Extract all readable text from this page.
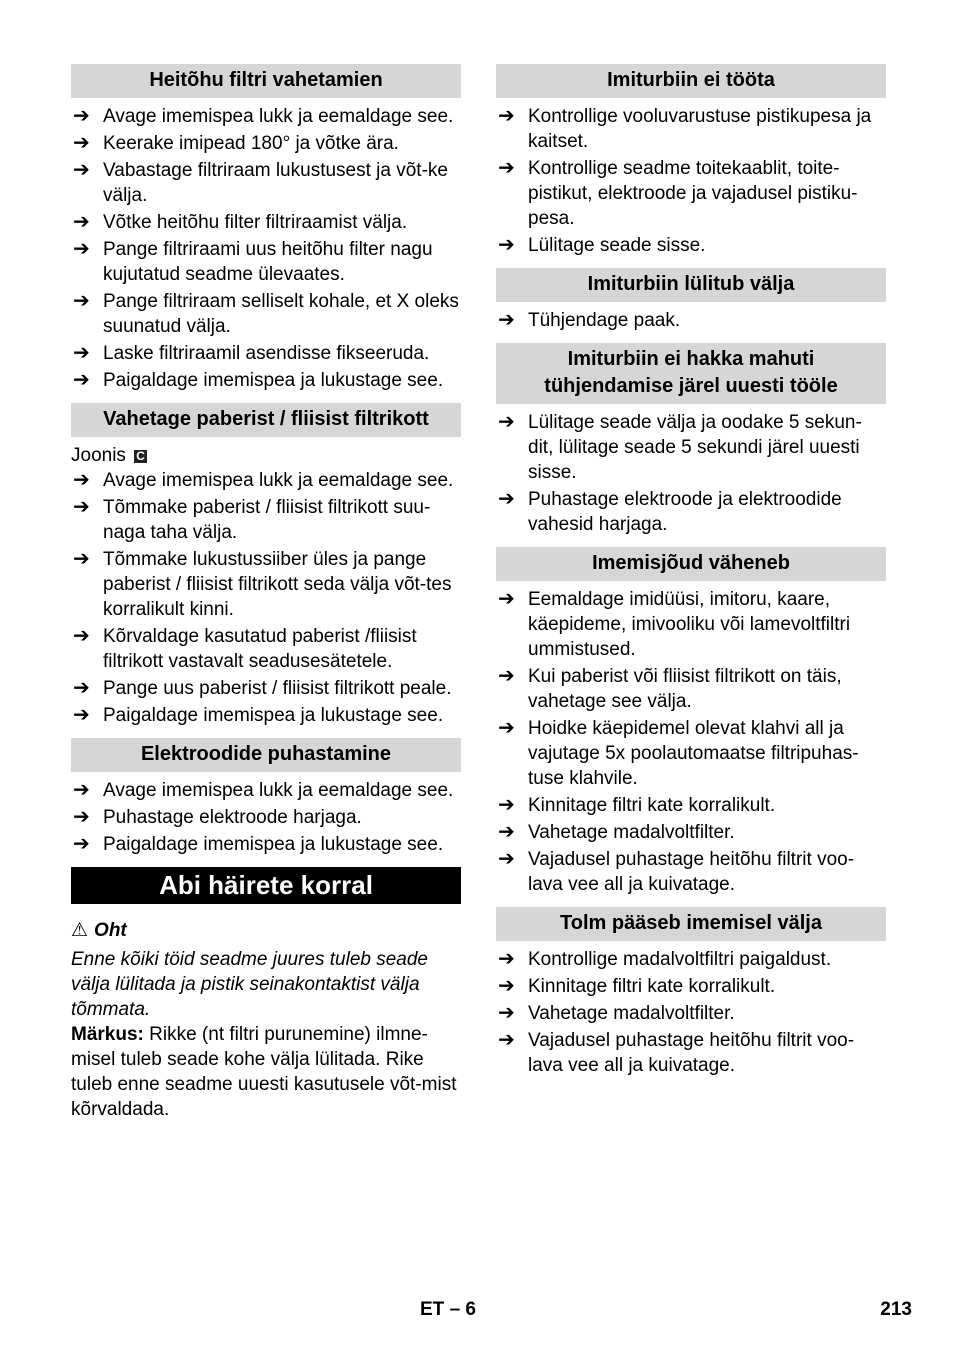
Heitõhu filtri vahetamien
➔ Avage imemispea lukk ja eemaldage see.
➔ Keerake imipead 180° ja võtke ära.
➔ Vabastage filtriraam lukustusest ja võt-ke välja.
➔ Võtke heitõhu filter filtriraamist välja.
➔ Pange filtriraami uus heitõhu filter nagu kujutatud seadme ülevaates.
➔ Pange filtriraam selliselt kohale, et X oleks suunatud välja.
➔ Laske filtriraamil asendisse fikseeruda.
➔ Paigaldage imemispea ja lukustage see.
Vahetage paberist / fliisist filtrikott
Joonis C
➔ Avage imemispea lukk ja eemaldage see.
➔ Tõmmake paberist / fliisist filtrikott suu-naga taha välja.
➔ Tõmmake lukustussiiber üles ja pange paberist / fliisist filtrikott seda välja võt-tes korralikult kinni.
➔ Kõrvaldage kasutatud paberist /fliisist filtrikott vastavalt seadusesätetele.
➔ Pange uus paberist / fliisist filtrikott peale.
➔ Paigaldage imemispea ja lukustage see.
Elektroodide puhastamine
➔ Avage imemispea lukk ja eemaldage see.
➔ Puhastage elektroode harjaga.
➔ Paigaldage imemispea ja lukustage see.
Abi häirete korral
⚠ Oht
Enne kõiki töid seadme juures tuleb seade välja lülitada ja pistik seinakontaktist välja tõmmata.
Märkus: Rikke (nt filtri purunemine) ilmne-misel tuleb seade kohe välja lülitada. Rike tuleb enne seadme uuesti kasutusele võt-mist kõrvaldada.
Imiturbiin ei tööta
➔ Kontrollige vooluvarustuse pistikupesa ja kaitset.
➔ Kontrollige seadme toitekaablit, toite-pistikut, elektroode ja vajadusel pistiku-pesa.
➔ Lülitage seade sisse.
Imiturbiin lülitub välja
➔ Tühjendage paak.
Imiturbiin ei hakka mahuti tühjendamise järel uuesti tööle
➔ Lülitage seade välja ja oodake 5 sekun-dit, lülitage seade 5 sekundi järel uuesti sisse.
➔ Puhastage elektroode ja elektroodide vahesid harjaga.
Imemisjõud väheneb
➔ Eemaldage imidüüsi, imitoru, kaare, käepideme, imivooliku või lamevoltfiltri ummistused.
➔ Kui paberist või fliisist filtrikott on täis, vahetage see välja.
➔ Hoidke käepidemel olevat klahvi all ja vajutage 5x poolautomaatse filtripuhas-tuse klahvile.
➔ Kinnitage filtri kate korralikult.
➔ Vahetage madalvoltfilter.
➔ Vajadusel puhastage heitõhu filtrit voo-lava vee all ja kuivatage.
Tolm pääseb imemisel välja
➔ Kontrollige madalvoltfiltri paigaldust.
➔ Kinnitage filtri kate korralikult.
➔ Vahetage madalvoltfilter.
➔ Vajadusel puhastage heitõhu filtrit voo-lava vee all ja kuivatage.
ET – 6	213
